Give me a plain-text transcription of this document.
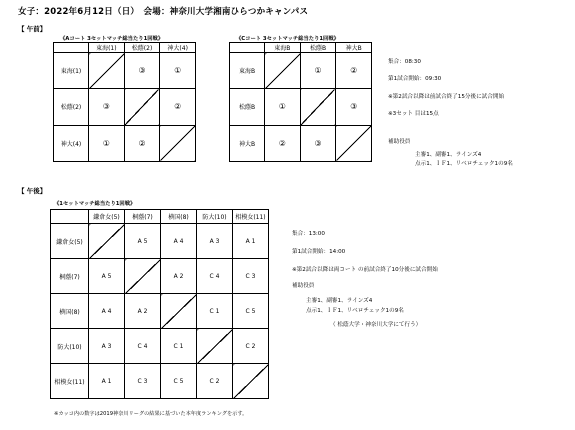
女子：2022年6月12日（日）　会場：神奈川大学湘南ひらつかキャンパス
【 午前】
《Aコート 3セットマッチ総当たり1回戦》
	東海(1)	松蔭(2)	神大(4)
東海(1)		③	①
松蔭(2)	③		②
神大(4)	①	②	
《Cコート 3セットマッチ総当たり1回戦》
	東海B	松蔭B	神大B
東海B		①	②
松蔭B	①		③
神大B	②	③	
集合：08:30
第1試合開始：09:30
※第2試合以降は前試合終了15分後に試合開始
※3セット 目は15点
補助役員
主審1、副審1、ラインズ4
点示1、ＩＦ1、リベロチェック1の9名
【 午後】
《1セットマッチ総当たり1回戦》
	鎌倉女(5)	桐蔭(7)	横国(8)	防大(10)	相模女(11)
鎌倉女(5)		A 5	A 4	A 3	A 1
桐蔭(7)	A 5		A 2	C 4	C 3
横国(8)	A 4	A 2		C 1	C 5
防大(10)	A 3	C 4	C 1		C 2
相模女(11)	A 1	C 3	C 5	C 2	
集合：13:00
第1試合開始：14:00
※第2試合以降は両コート の前試合終了10分後に試合開始
補助役員
主審1、副審1、ラインズ4
点示1、ＩＦ1、リベロチェック1の9名
（ 松蔭大学・神奈川大学にて行う）
※カッコ内の数字は2019神奈川リーグの結果に基づいた本年度ランキングを示す。
